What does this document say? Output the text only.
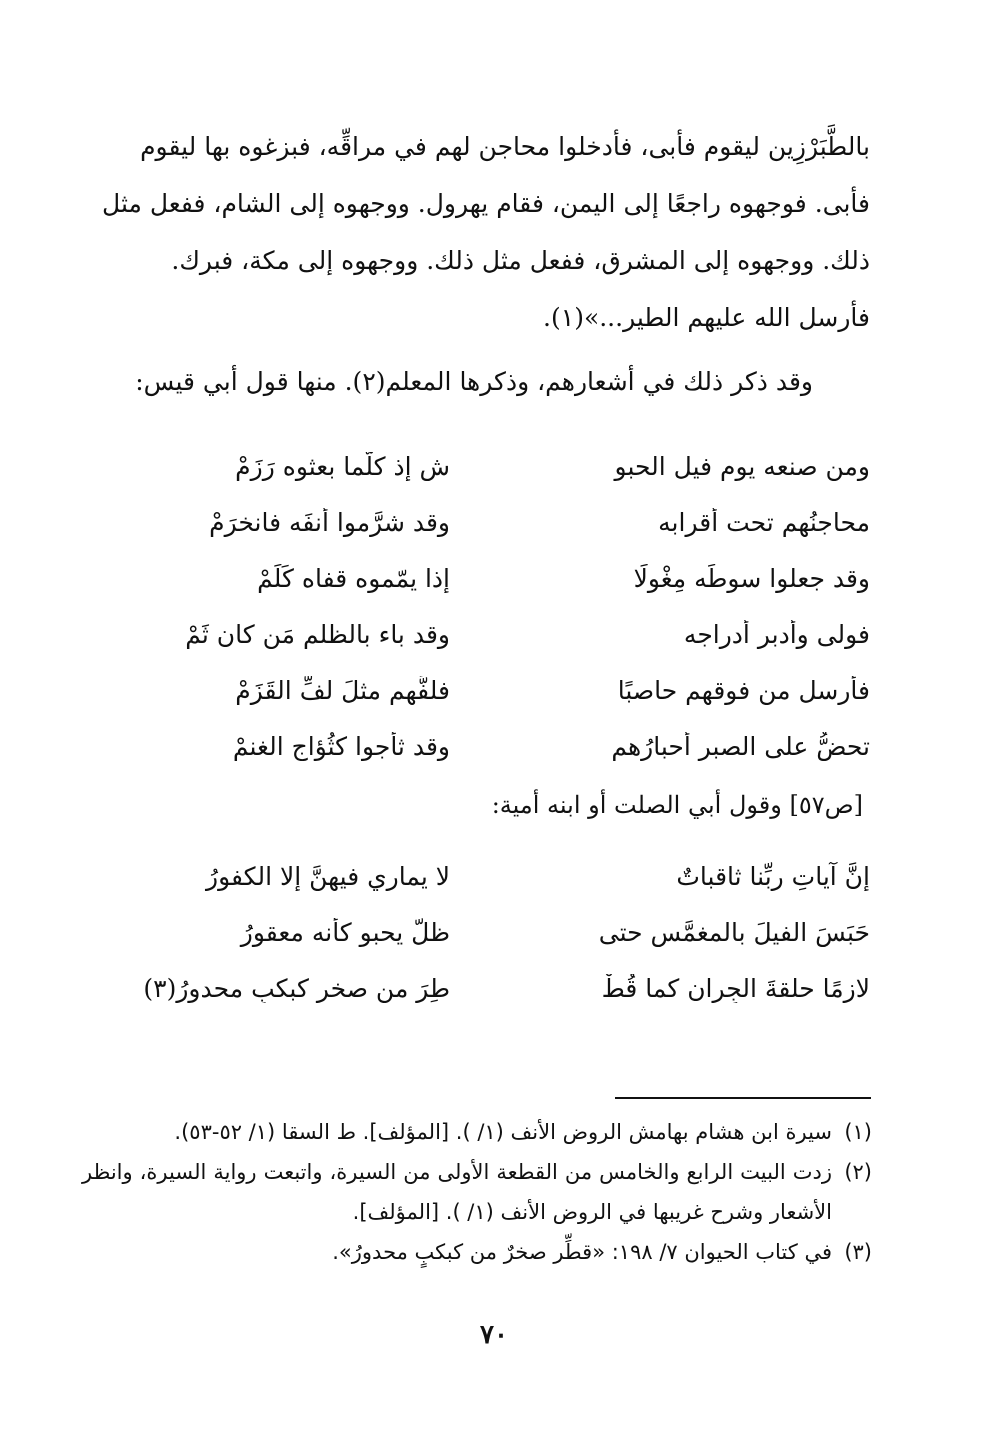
بالطَّبَرْزِين ليقوم فأبى، فأدخلوا محاجن لهم في مراقِّه، فبزغوه بها ليقوم

فأبى. فوجهوه راجعًا إلى اليمن، فقام يهرول. ووجهوه إلى الشام، ففعل مثل

ذلك. ووجهوه إلى المشرق، ففعل مثل ذلك. ووجهوه إلى مكة، فبرك.

فأرسل الله عليهم الطير...»(١).

وقد ذكر ذلك في أشعارهم، وذكرها المعلم(٢). منها قول أبي قيس:
ومن صنعه يوم فيل الحبو
ش إذ كلَّما بعثوه رَزَمْ
محاجنُهم تحت أقرابه
وقد شرَّموا أنفَه فانخرَمْ
وقد جعلوا سوطَه مِغْولًا
إذا يمّموه قفاه كَلَمْ
فولى وأدبر أدراجه
وقد باء بالظلم مَن كان ثَمْ
فأرسل من فوقهم حاصبًا
فلفَّهم مثلَ لفِّ القَزَمْ
تحضُّ على الصبر أحبارُهم
وقد ثأجوا كثُؤاج الغنمْ
[ص٥٧] وقول أبي الصلت أو ابنه أمية:
إنَّ آياتِ ربِّنا ثاقباتٌ
لا يماري فيهنَّ إلا الكفورُ
حَبَسَ الفيلَ بالمغمَّس حتى
ظلَّ يحبو كأنه معقورُ
لازمًا حلقةَ الجِرانِ كما قُطْ
طِرَ من صخرٍ كبكبٍ محدورُ(٣)
(١)
سيرة ابن هشام بهامش الروض الأنف (١/ ). [المؤلف]. ط السقا (١/ ٥٢-٥٣).
(٢)
زدت البيت الرابع والخامس من القطعة الأولى من السيرة، واتبعت رواية السيرة، وانظر الأشعار وشرح غريبها في الروض الأنف (١/ ). [المؤلف].
(٣)
في كتاب الحيوان ٧/ ١٩٨: «قطِّر صخرٌ من كبكبٍ محدورُ».
٧٠
